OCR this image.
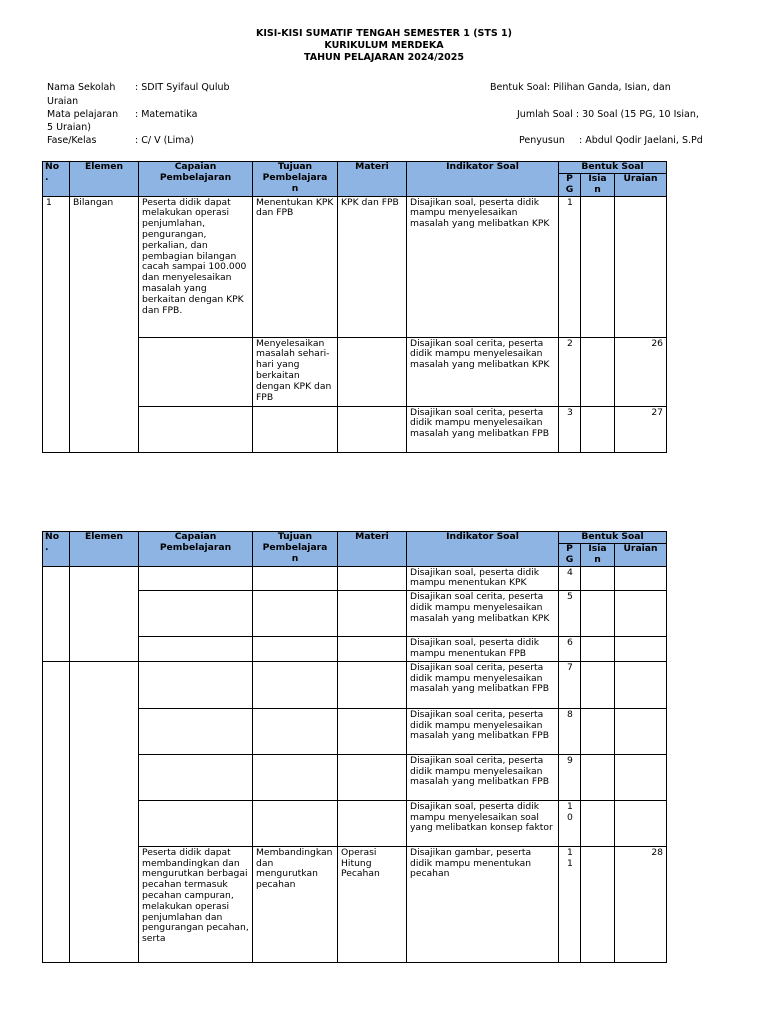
KISI-KISI SUMATIF TENGAH SEMESTER 1 (STS 1)
KURIKULUM MERDEKA
TAHUN PELAJARAN 2024/2025
Nama Sekolah : SDIT Syifaul Qulub	Bentuk Soal: Pilihan Ganda, Isian, dan
Uraian
Mata pelajaran : Matematika	Jumlah Soal : 30 Soal (15 PG, 10 Isian,
5 Uraian)
Fase/Kelas	: C/ V (Lima)	Penyusun : Abdul Qodir Jaelani, S.Pd
No
.	Elemen	Capaian
Pembelajaran	Tujuan
Pembelajara
n	Materi	Indikator Soal	Bentuk Soal		
						P
G	Isia
n	Uraian
1	Bilangan	Peserta didik dapat melakukan operasi penjumlahan, pengurangan, perkalian, dan pembagian bilangan cacah sampai 100.000 dan menyelesaikan masalah yang berkaitan dengan KPK dan FPB.	Menentukan KPK dan FPB	KPK dan FPB	Disajikan soal, peserta didik mampu menyelesaikan masalah yang melibatkan KPK	1		
			Menyelesaikan masalah sehari-hari yang berkaitan dengan KPK dan FPB		Disajikan soal cerita, peserta didik mampu menyelesaikan masalah yang melibatkan KPK	2		26
					Disajikan soal cerita, peserta didik mampu menyelesaikan masalah yang melibatkan FPB	3		27
No
.	Elemen	Capaian
Pembelajaran	Tujuan
Pembelajara
n	Materi	Indikator Soal	Bentuk Soal		
						P
G	Isia
n	Uraian
					Disajikan soal, peserta didik mampu menentukan KPK	4		
					Disajikan soal cerita, peserta didik mampu menyelesaikan masalah yang melibatkan KPK	5		
					Disajikan soal, peserta didik mampu menentukan FPB	6		
					Disajikan soal cerita, peserta didik mampu menyelesaikan masalah yang melibatkan FPB	7		
					Disajikan soal cerita, peserta didik mampu menyelesaikan masalah yang melibatkan FPB	8		
					Disajikan soal cerita, peserta didik mampu menyelesaikan masalah yang melibatkan FPB	9		
					Disajikan soal, peserta didik mampu menyelesaikan soal yang melibatkan konsep faktor	10		
		Peserta didik dapat membandingkan dan mengurutkan berbagai pecahan termasuk pecahan campuran, melakukan operasi penjumlahan dan pengurangan pecahan, serta	Membandingkan dan mengurutkan pecahan	Operasi Hitung Pecahan	Disajikan gambar, peserta didik mampu menentukan pecahan	11		28
